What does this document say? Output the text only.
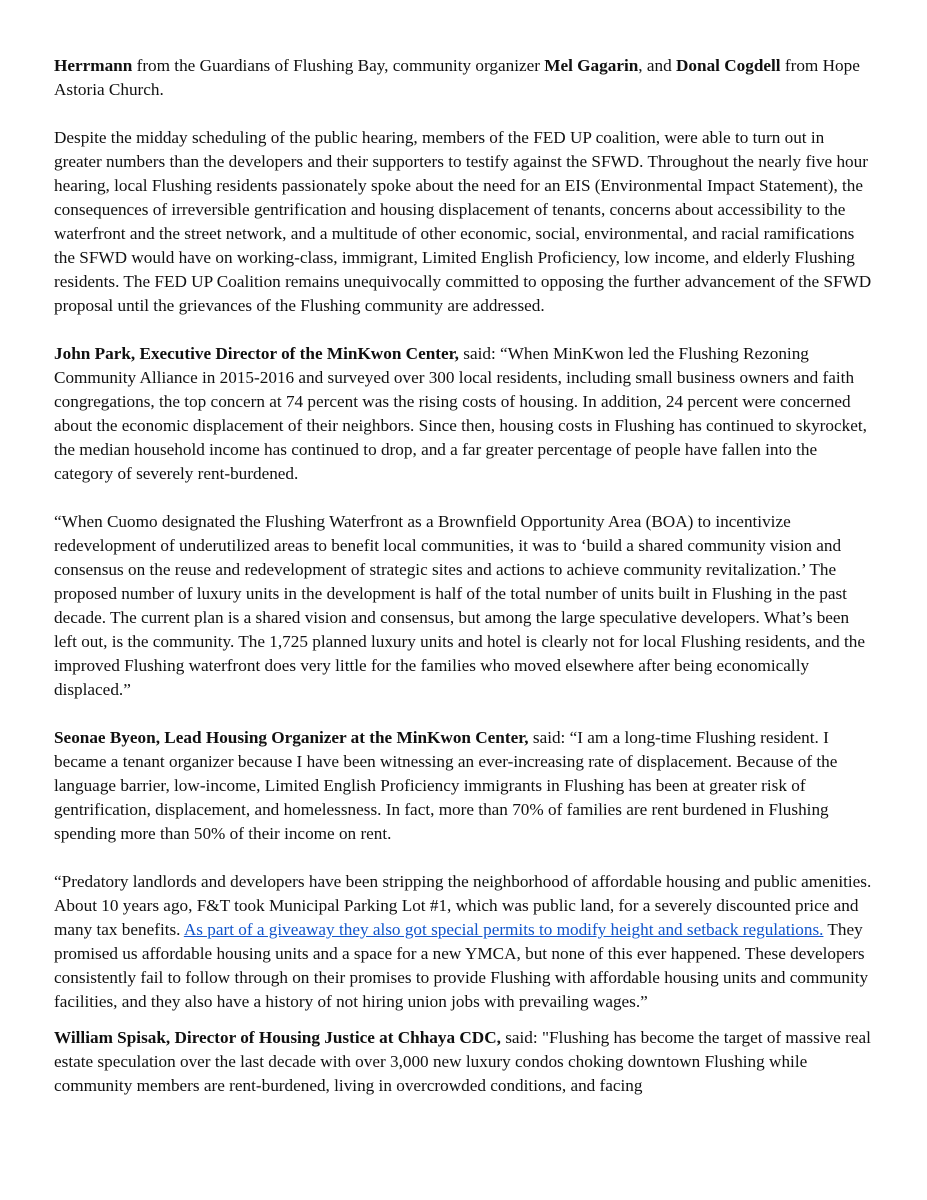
Herrmann from the Guardians of Flushing Bay, community organizer Mel Gagarin, and Donal Cogdell from Hope Astoria Church.

Despite the midday scheduling of the public hearing, members of the FED UP coalition, were able to turn out in greater numbers than the developers and their supporters to testify against the SFWD. Throughout the nearly five hour hearing, local Flushing residents passionately spoke about the need for an EIS (Environmental Impact Statement), the consequences of irreversible gentrification and housing displacement of tenants, concerns about accessibility to the waterfront and the street network, and a multitude of other economic, social, environmental, and racial ramifications the SFWD would have on working-class, immigrant, Limited English Proficiency, low income, and elderly Flushing residents. The FED UP Coalition remains unequivocally committed to opposing the further advancement of the SFWD proposal until the grievances of the Flushing community are addressed.

John Park, Executive Director of the MinKwon Center, said: “When MinKwon led the Flushing Rezoning Community Alliance in 2015-2016 and surveyed over 300 local residents, including small business owners and faith congregations, the top concern at 74 percent was the rising costs of housing. In addition, 24 percent were concerned about the economic displacement of their neighbors. Since then, housing costs in Flushing has continued to skyrocket, the median household income has continued to drop, and a far greater percentage of people have fallen into the category of severely rent-burdened.

“When Cuomo designated the Flushing Waterfront as a Brownfield Opportunity Area (BOA) to incentivize redevelopment of underutilized areas to benefit local communities, it was to ‘build a shared community vision and consensus on the reuse and redevelopment of strategic sites and actions to achieve community revitalization.’ The proposed number of luxury units in the development is half of the total number of units built in Flushing in the past decade. The current plan is a shared vision and consensus, but among the large speculative developers. What’s been left out, is the community. The 1,725 planned luxury units and hotel is clearly not for local Flushing residents, and the improved Flushing waterfront does very little for the families who moved elsewhere after being economically displaced.”

Seonae Byeon, Lead Housing Organizer at the MinKwon Center, said: “I am a long-time Flushing resident. I became a tenant organizer because I have been witnessing an ever-increasing rate of displacement. Because of the language barrier, low-income, Limited English Proficiency immigrants in Flushing has been at greater risk of gentrification, displacement, and homelessness. In fact, more than 70% of families are rent burdened in Flushing spending more than 50% of their income on rent.

“Predatory landlords and developers have been stripping the neighborhood of affordable housing and public amenities. About 10 years ago, F&T took Municipal Parking Lot #1, which was public land, for a severely discounted price and many tax benefits. As part of a giveaway they also got special permits to modify height and setback regulations. They promised us affordable housing units and a space for a new YMCA, but none of this ever happened. These developers consistently fail to follow through on their promises to provide Flushing with affordable housing units and community facilities, and they also have a history of not hiring union jobs with prevailing wages.”

William Spisak, Director of Housing Justice at Chhaya CDC, said: "Flushing has become the target of massive real estate speculation over the last decade with over 3,000 new luxury condos choking downtown Flushing while community members are rent-burdened, living in overcrowded conditions, and facing
